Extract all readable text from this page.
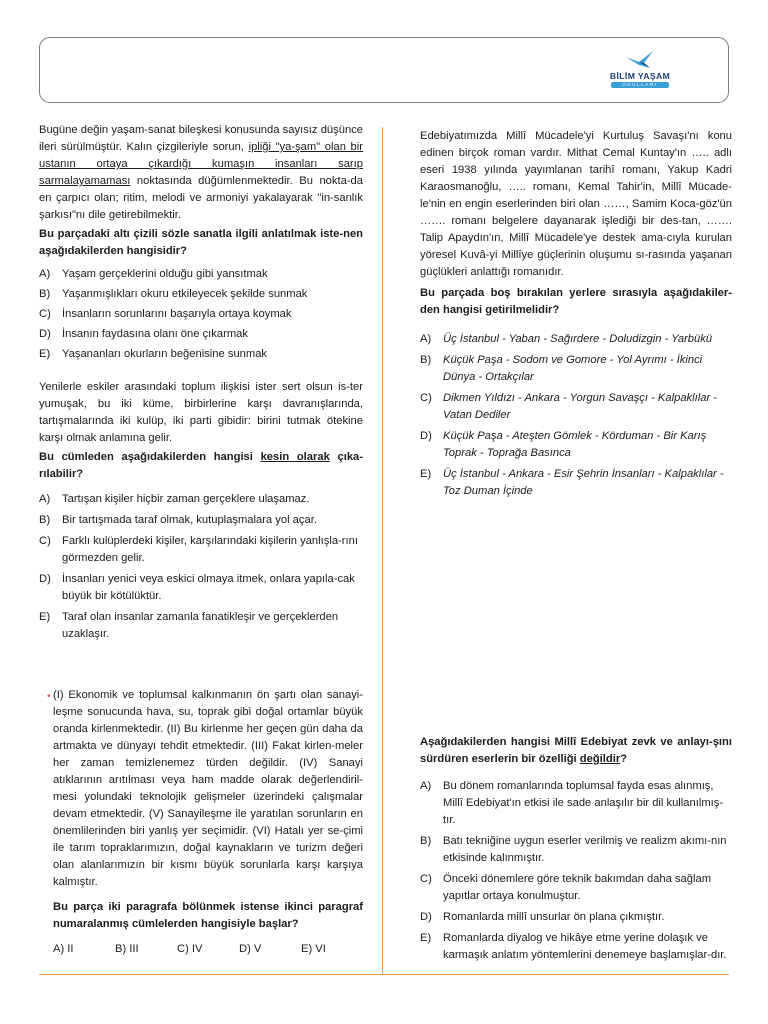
BİLİM YAŞAM
OKULLARI

Bugüne değin yaşam-sanat bileşkesi konusunda sayısız düşünce ileri sürülmüştür. Kalın çizgileriyle sorun, ipliği "ya-şam" olan bir ustanın ortaya çıkardığı kumaşın insanları sarıp sarmalayamaması noktasında düğümlenmektedir. Bu nokta-da en çarpıcı olan; ritim, melodi ve armoniyi yakalayarak "in-sanlık şarkısı"nı dile getirebilmektir.

Bu parçadaki altı çizili sözle sanatla ilgili anlatılmak iste-nen aşağıdakilerden hangisidir?

A)	Yaşam gerçeklerini olduğu gibi yansıtmak
B)	Yaşanmışlıkları okuru etkileyecek şekilde sunmak
C) İnsanların sorunlarını başarıyla ortaya koymak
D) İnsanın faydasına olanı öne çıkarmak
E)	Yaşananları okurların beğenisine sunmak

Yenilerle eskiler arasındaki toplum ilişkisi ister sert olsun is-ter yumuşak, bu iki küme, birbirlerine karşı davranışlarında, tartışmalarında iki kulüp, iki parti gibidir: birini tutmak ötekine karşı olmak anlamına gelir.

Bu cümleden aşağıdakilerden hangisi kesin olarak çıka-rılabilir?

A)	Tartışan kişiler hiçbir zaman gerçeklere ulaşamaz.
B)	Bir tartışmada taraf olmak, kutuplaşmalara yol açar.
C) Farklı kulüplerdeki kişiler, karşılarındaki kişilerin yanlışla-rını görmezden gelir.
D) İnsanları yenici veya eskici olmaya itmek, onlara yapıla-cak büyük bir kötülüktür.
E)	Taraf olan insanlar zamanla fanatikleşir ve gerçeklerden uzaklaşır.
• (I) Ekonomik ve toplumsal kalkınmanın ön şartı olan sanayi-leşme sonucunda hava, su, toprak gibi doğal ortamlar büyük oranda kirlenmektedir. (II) Bu kirlenme her geçen gün daha da artmakta ve dünyayı tehdit etmektedir. (III) Fakat kirlen-meler her zaman temizlenemez türden değildir. (IV) Sanayi atıklarının arıtılması veya ham madde olarak değerlendiril-mesi yolundaki teknolojik gelişmeler üzerindeki çalışmalar devam etmektedir. (V) Sanayileşme ile yaratılan sorunların en önemlilerinden biri yanlış yer seçimidir. (VI) Hatalı yer se-çimi ile tarım topraklarımızın, doğal kaynakların ve turizm değeri olan alanlarımızın bir kısmı büyük sorunlarla karşı karşıya kalmıştır.

Bu parça iki paragrafa bölünmek istense ikinci paragraf numaralanmış cümlelerden hangisiyle başlar?

A) II	B) III	C) IV	D) V	E) VI

Edebiyatımızda Millî Mücadele'yi Kurtuluş Savaşı'nı konu edinen birçok roman vardır. Mithat Cemal Kuntay'ın ….. adlı eseri 1938 yılında yayımlanan tarihî romanı, Yakup Kadri Karaosmanoğlu, ….. romanı, Kemal Tahir'in, Millî Mücade-le'nin en engin eserlerinden biri olan ……, Samim Koca-göz'ün ……. romanı belgelere dayanarak işlediği bir des-tan, ……. Talip Apaydın'ın, Millî Mücadele'ye destek ama-cıyla kurulan yöresel Kuvâ-yi Millîye güçlerinin oluşumu sı-rasında yaşanan güçlükleri anlattığı romanıdır.

Bu parçada boş bırakılan yerlere sırasıyla aşağıdakiler-den hangisi getirilmelidir?

A)	Üç İstanbul - Yaban - Sağırdere - Doludizgin - Yarbükü
B)	Küçük Paşa - Sodom ve Gomore - Yol Ayrımı - İkinci Dünya - Ortakçılar
C) Dikmen Yıldızı - Ankara - Yorgun Savaşçı - Kalpaklılar - Vatan Dediler
D) Küçük Paşa - Ateşten Gömlek - Körduman - Bir Karış Toprak - Toprağa Basınca
E)	Üç İstanbul - Ankara - Esir Şehrin İnsanları - Kalpaklılar - Toz Duman İçinde

Aşağıdakilerden hangisi Millî Edebiyat zevk ve anlayı-şını sürdüren eserlerin bir özelliği değildir?

A)	Bu dönem romanlarında toplumsal fayda esas alınmış, Millî Edebiyat'ın etkisi ile sade anlaşılır bir dil kullanılmış-tır.
B)	Batı tekniğine uygun eserler verilmiş ve realizm akımı-nın etkisinde kalınmıştır.
C) Önceki dönemlere göre teknik bakımdan daha sağlam yapıtlar ortaya konulmuştur.
D) Romanlarda millî unsurlar ön plana çıkmıştır.
E)	Romanlarda diyalog ve hikâye etme yerine dolaşık ve karmaşık anlatım yöntemlerini denemeye başlamışlar-dır.
